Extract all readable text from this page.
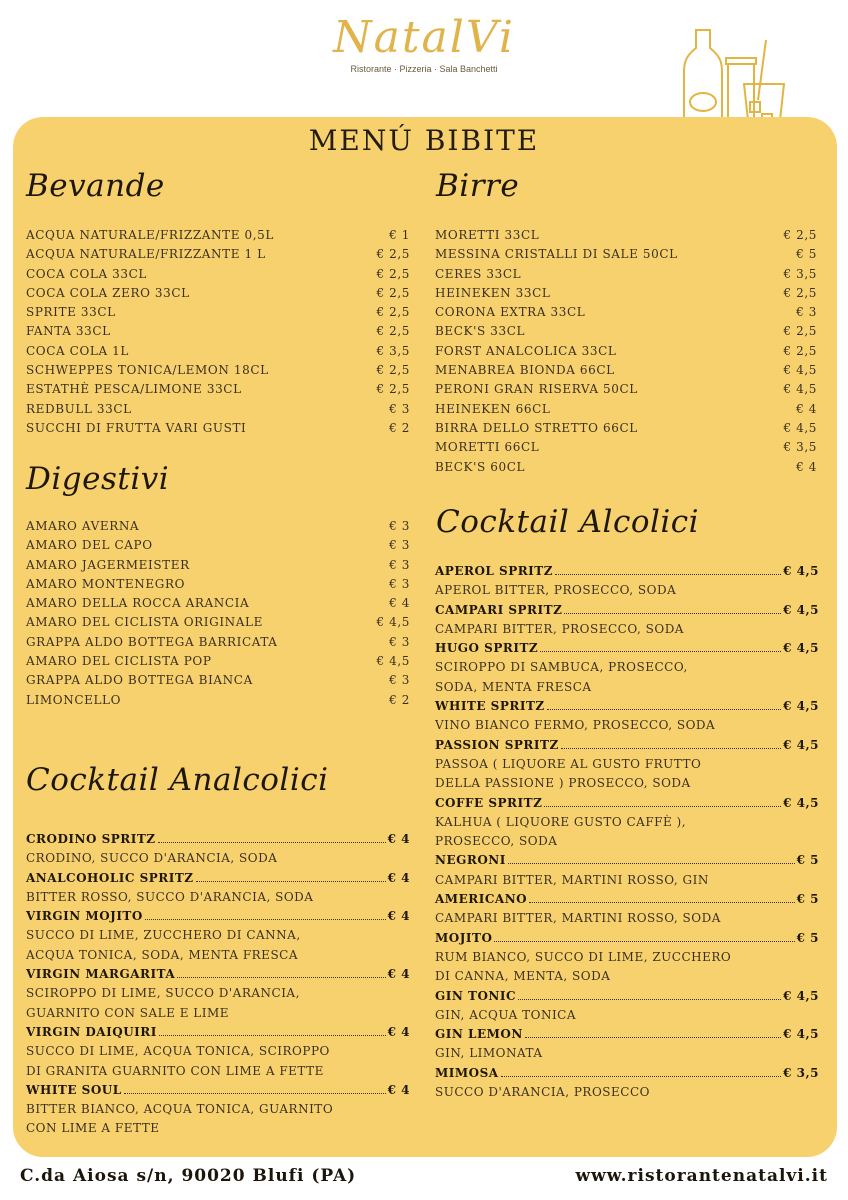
NatalVi
Ristorante · Pizzeria · Sala Banchetti
MENÚ BIBITE
Bevande
ACQUA NATURALE/FRIZZANTE 0,5L	€ 1
ACQUA NATURALE/FRIZZANTE 1 L	€ 2,5
COCA COLA 33CL	€ 2,5
COCA COLA ZERO 33CL	€ 2,5
SPRITE 33CL	€ 2,5
FANTA 33CL	€ 2,5
COCA COLA 1L	€ 3,5
SCHWEPPES TONICA/LEMON 18CL	€ 2,5
ESTATHÈ PESCA/LIMONE 33CL	€ 2,5
REDBULL 33CL	€ 3
SUCCHI DI FRUTTA VARI GUSTI	€ 2
Birre
MORETTI 33CL	€ 2,5
MESSINA CRISTALLI DI SALE 50CL	€ 5
CERES 33CL	€ 3,5
HEINEKEN 33CL	€ 2,5
CORONA EXTRA 33CL	€ 3
BECK'S 33CL	€ 2,5
FORST ANALCOLICA 33CL	€ 2,5
MENABREA BIONDA 66CL	€ 4,5
PERONI GRAN RISERVA 50CL	€ 4,5
HEINEKEN 66CL	€ 4
BIRRA DELLO STRETTO 66CL	€ 4,5
MORETTI 66CL	€ 3,5
BECK'S 60CL	€ 4
Digestivi
AMARO AVERNA	€ 3
AMARO DEL CAPO	€ 3
AMARO JAGERMEISTER	€ 3
AMARO MONTENEGRO	€ 3
AMARO DELLA ROCCA ARANCIA	€ 4
AMARO DEL CICLISTA ORIGINALE	€ 4,5
GRAPPA ALDO BOTTEGA BARRICATA	€ 3
AMARO DEL CICLISTA POP	€ 4,5
GRAPPA ALDO BOTTEGA BIANCA	€ 3
LIMONCELLO	€ 2
Cocktail Analcolici
CRODINO SPRITZ	€ 4
CRODINO, SUCCO D'ARANCIA, SODA
ANALCOHOLIC SPRITZ	€ 4
BITTER ROSSO, SUCCO D'ARANCIA, SODA
VIRGIN MOJITO	€ 4
SUCCO DI LIME, ZUCCHERO DI CANNA,
ACQUA TONICA, SODA, MENTA FRESCA
VIRGIN MARGARITA	€ 4
SCIROPPO DI LIME, SUCCO D'ARANCIA,
GUARNITO CON SALE E LIME
VIRGIN DAIQUIRI	€ 4
SUCCO DI LIME, ACQUA TONICA, SCIROPPO
DI GRANITA GUARNITO CON LIME A FETTE
WHITE SOUL	€ 4
BITTER BIANCO, ACQUA TONICA, GUARNITO
CON LIME A FETTE
Cocktail Alcolici
APEROL SPRITZ	€ 4,5
APEROL BITTER, PROSECCO, SODA
CAMPARI SPRITZ	€ 4,5
CAMPARI BITTER, PROSECCO, SODA
HUGO SPRITZ	€ 4,5
SCIROPPO DI SAMBUCA, PROSECCO,
SODA, MENTA FRESCA
WHITE SPRITZ	€ 4,5
VINO BIANCO FERMO, PROSECCO, SODA
PASSION SPRITZ	€ 4,5
PASSOA ( LIQUORE AL GUSTO FRUTTO
DELLA PASSIONE ) PROSECCO, SODA
COFFE SPRITZ	€ 4,5
KALHUA ( LIQUORE GUSTO CAFFÈ ),
PROSECCO, SODA
NEGRONI	€ 5
CAMPARI BITTER, MARTINI ROSSO, GIN
AMERICANO	€ 5
CAMPARI BITTER, MARTINI ROSSO, SODA
MOJITO	€ 5
RUM BIANCO, SUCCO DI LIME, ZUCCHERO
DI CANNA, MENTA, SODA
GIN TONIC	€ 4,5
GIN, ACQUA TONICA
GIN LEMON	€ 4,5
GIN, LIMONATA
MIMOSA	€ 3,5
SUCCO D'ARANCIA, PROSECCO
C.da Aiosa s/n, 90020 Blufi (PA)	www.ristorantenatalvi.it
